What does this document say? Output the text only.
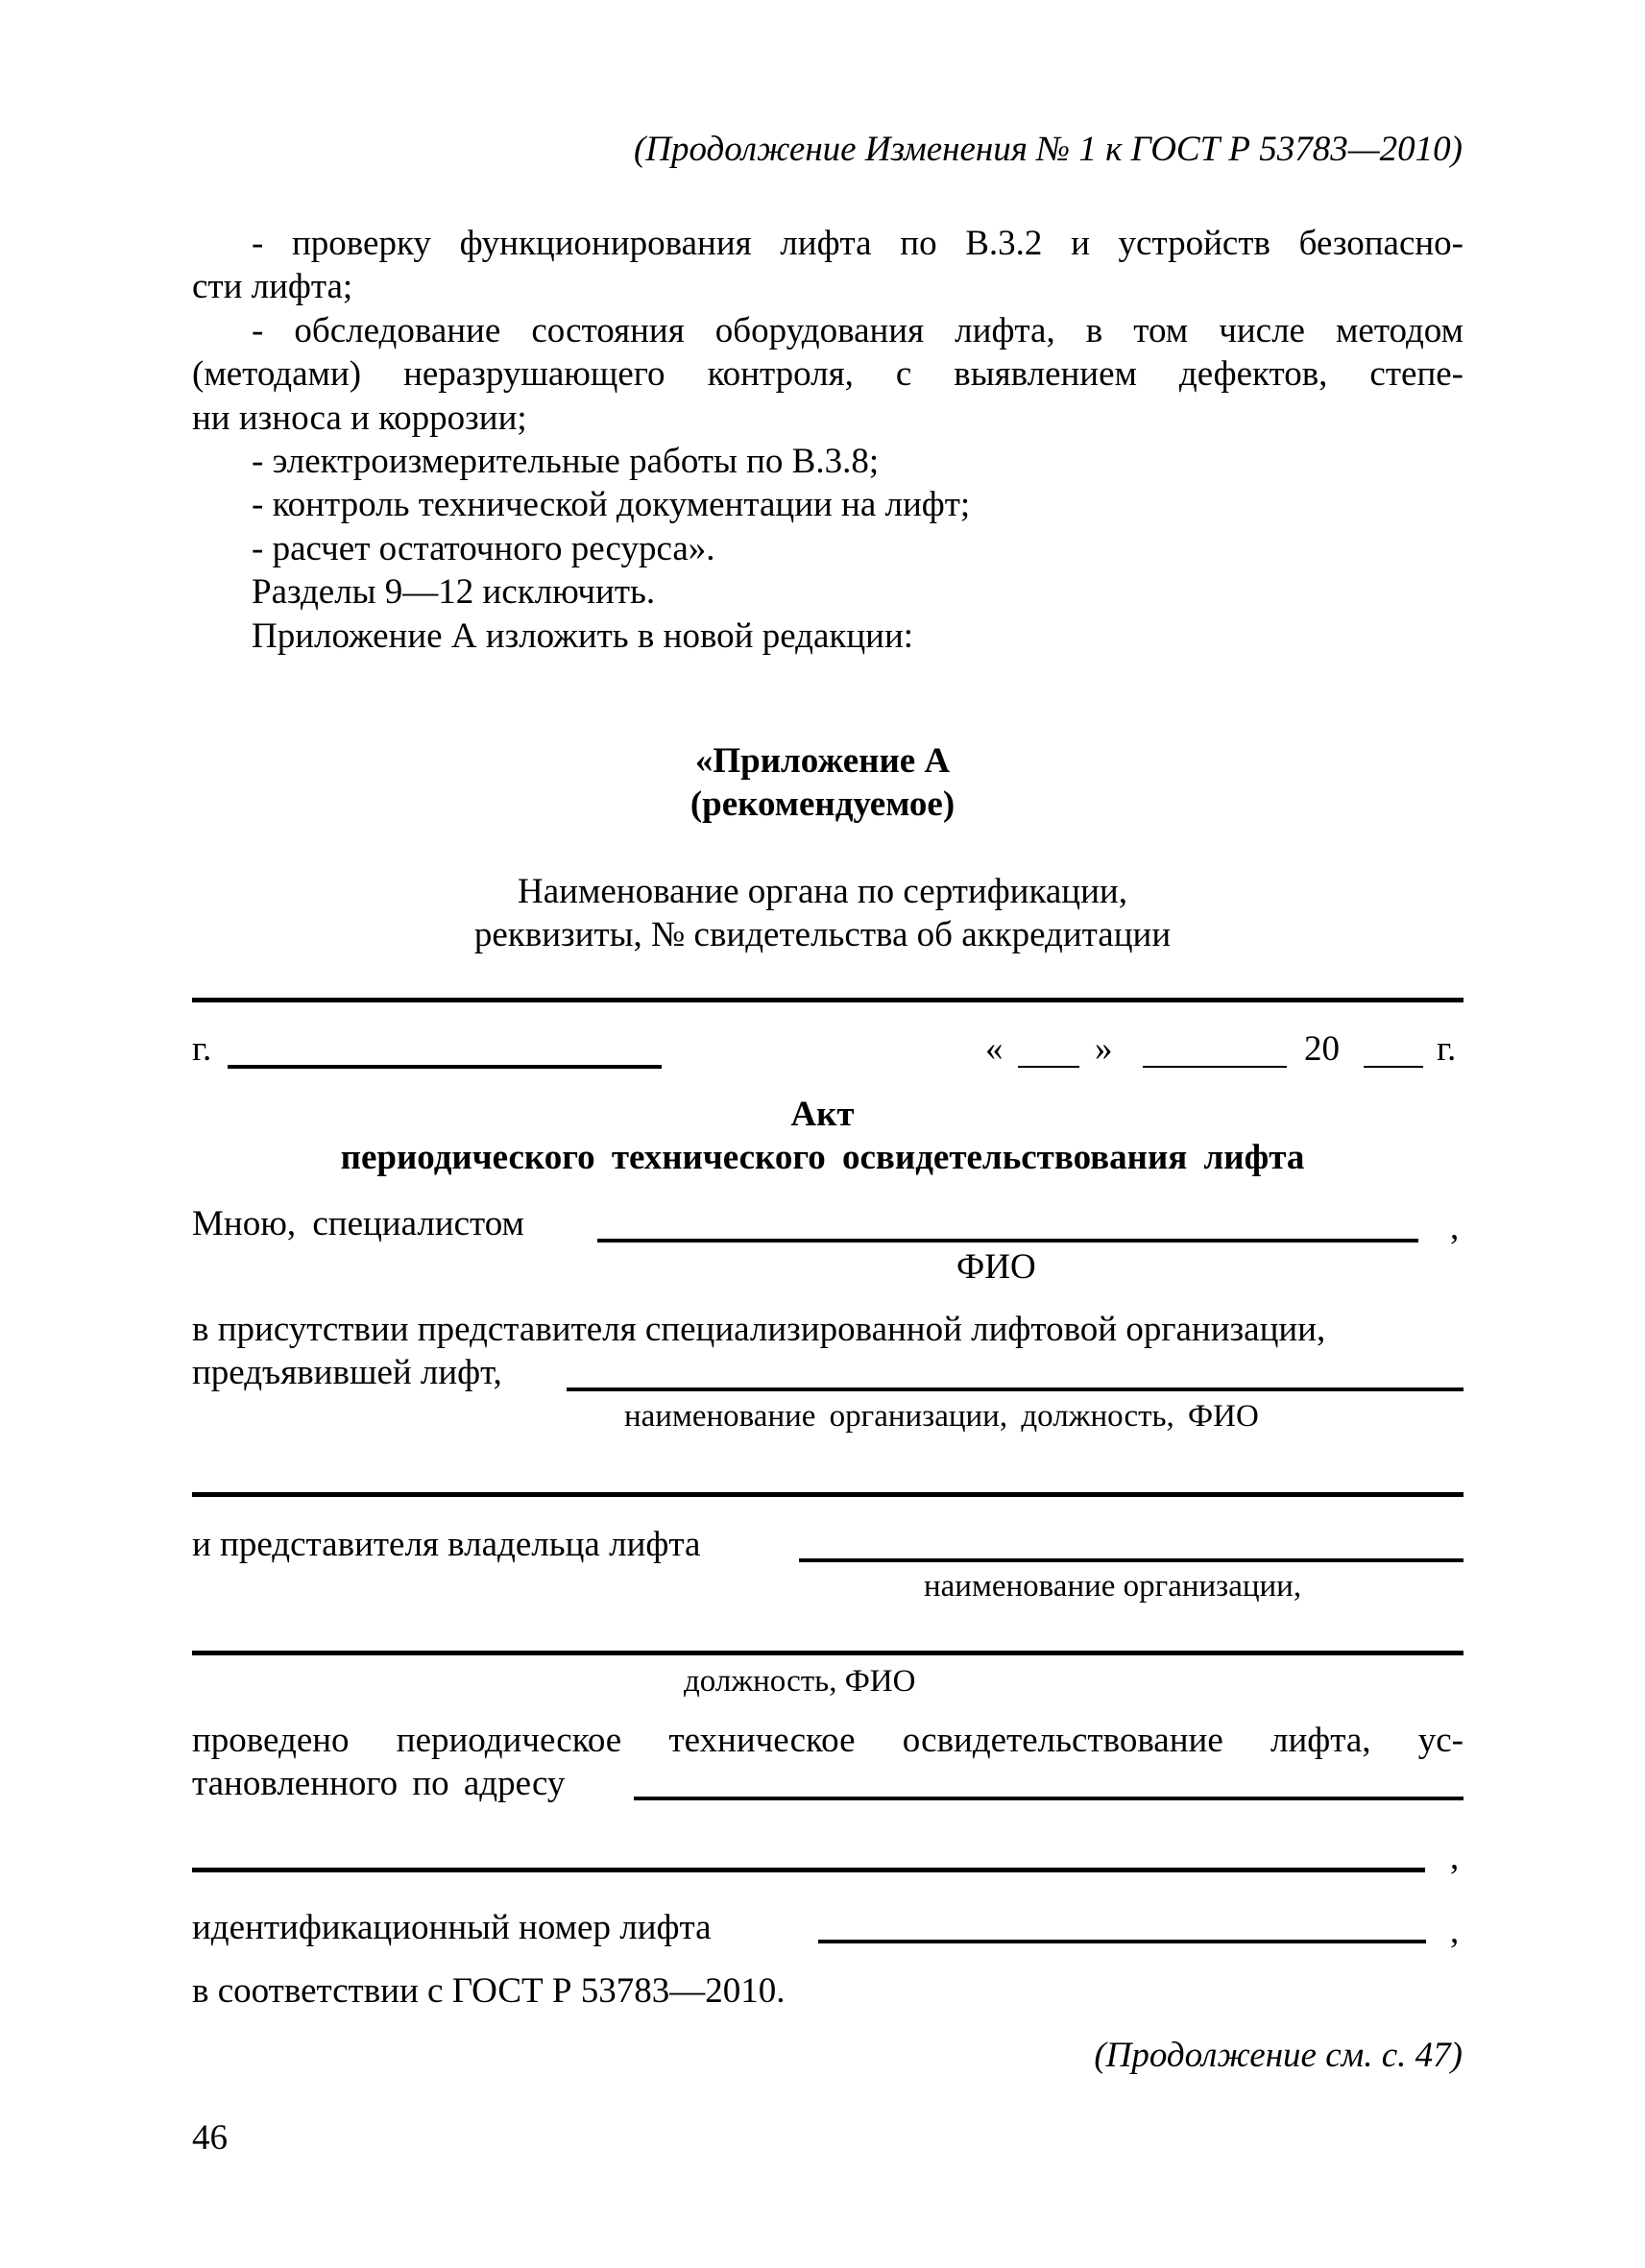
(Продолжение Изменения № 1 к ГОСТ Р 53783—2010)
- проверку функционирования лифта по В.3.2 и устройств безопасно-
сти лифта;
- обследование состояния оборудования лифта, в том числе методом
(методами) неразрушающего контроля, с выявлением дефектов, степе-
ни износа и коррозии;
- электроизмерительные работы по В.3.8;
- контроль технической документации на лифт;
- расчет остаточного ресурса».
Разделы 9—12 исключить.
Приложение А изложить в новой редакции:
«Приложение А
(рекомендуемое)
Наименование органа по сертификации,
реквизиты, № свидетельства об аккредитации
г.	«	»	20	г.
Акт
периодического технического освидетельствования лифта
Мною, специалистом	,
ФИО
в присутствии представителя специализированной лифтовой организации,
предъявившей лифт,
наименование организации, должность, ФИО
и представителя владельца лифта
наименование организации,
должность, ФИО
проведено периодическое техническое освидетельствование лифта, ус-
тановленного по адресу
,
идентификационный номер лифта	,
в соответствии с ГОСТ Р 53783—2010.
(Продолжение см. с. 47)
46
